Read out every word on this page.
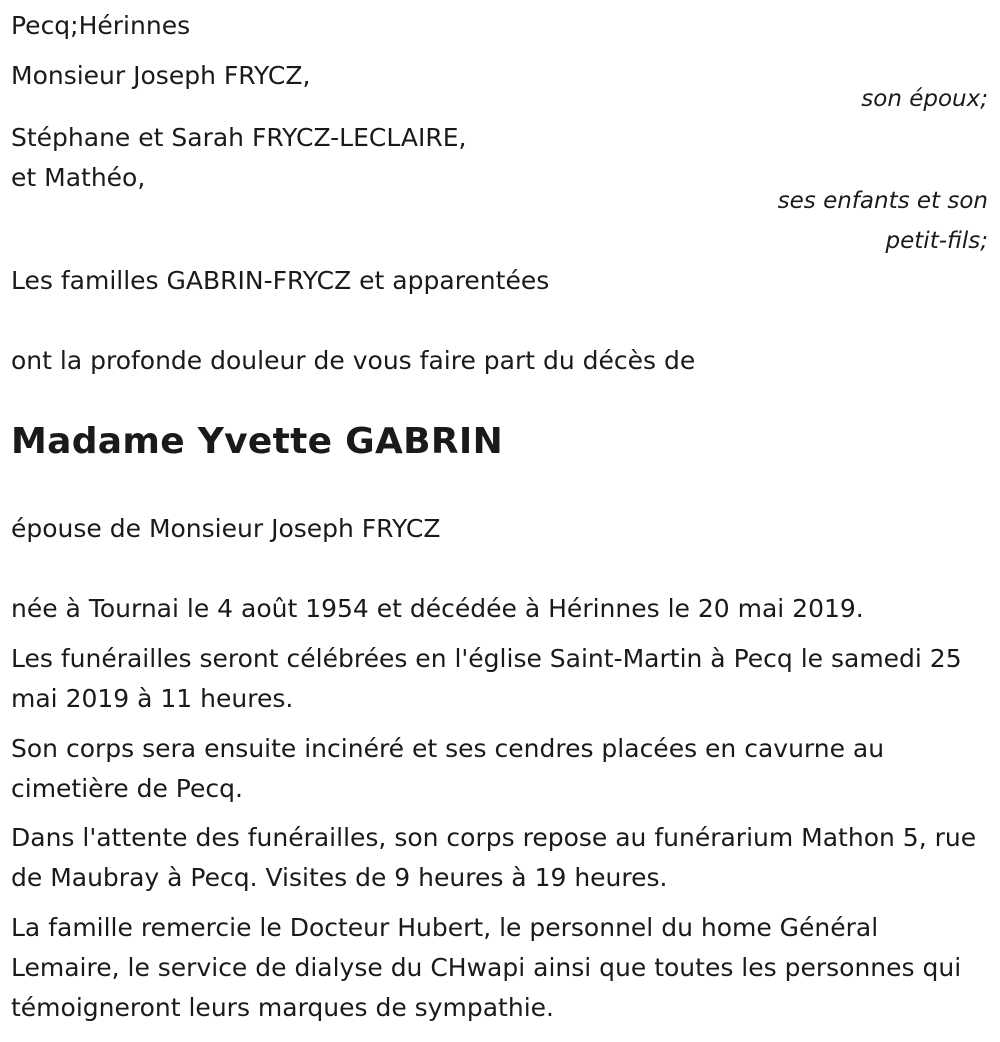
Pecq;Hérinnes

Monsieur Joseph FRYCZ,

son époux;

Stéphane et Sarah FRYCZ-LECLAIRE,

et Mathéo,

ses enfants et son

petit-fils;

Les familles GABRIN-FRYCZ et apparentées

ont la profonde douleur de vous faire part du décès de

Madame Yvette GABRIN

épouse de Monsieur Joseph FRYCZ

née à Tournai le 4 août 1954 et décédée à Hérinnes le 20 mai 2019.

Les funérailles seront célébrées en l'église Saint-Martin à Pecq le samedi 25 mai 2019 à 11 heures.

Son corps sera ensuite incinéré et ses cendres placées en cavurne au cimetière de Pecq.

Dans l'attente des funérailles, son corps repose au funérarium Mathon 5, rue de Maubray à Pecq. Visites de 9 heures à 19 heures.

La famille remercie le Docteur Hubert, le personnel du home Général Lemaire, le service de dialyse du CHwapi ainsi que toutes les personnes qui témoigneront leurs marques de sympathie.
